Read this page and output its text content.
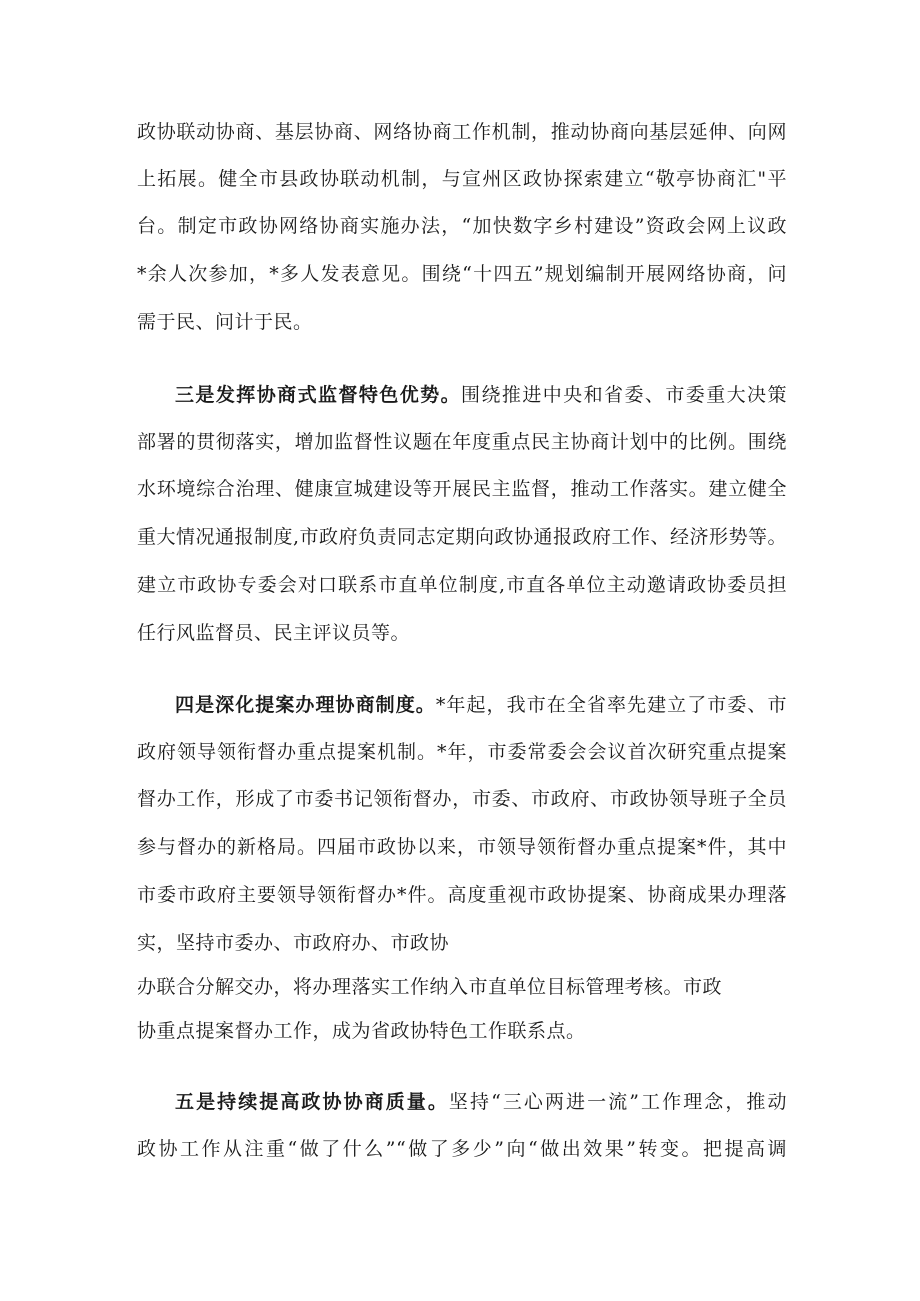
政协联动协商、基层协商、网络协商工作机制，推动协商向基层延伸、向网
上拓展。健全市县政协联动机制，与宣州区政协探索建立“敬亭协商汇"平
台。制定市政协网络协商实施办法，“加快数字乡村建设”资政会网上议政
*余人次参加，*多人发表意见。围绕“十四五”规划编制开展网络协商，问
需于民、问计于民。
三是发挥协商式监督特色优势。围绕推进中央和省委、市委重大决策
部署的贯彻落实，增加监督性议题在年度重点民主协商计划中的比例。围绕
水环境综合治理、健康宣城建设等开展民主监督，推动工作落实。建立健全
重大情况通报制度,市政府负责同志定期向政协通报政府工作、经济形势等。
建立市政协专委会对口联系市直单位制度,市直各单位主动邀请政协委员担
任行风监督员、民主评议员等。
四是深化提案办理协商制度。*年起，我市在全省率先建立了市委、市
政府领导领衔督办重点提案机制。*年，市委常委会会议首次研究重点提案
督办工作，形成了市委书记领衔督办，市委、市政府、市政协领导班子全员
参与督办的新格局。四届市政协以来，市领导领衔督办重点提案*件，其中
市委市政府主要领导领衔督办*件。高度重视市政协提案、协商成果办理落
实，坚持市委办、市政府办、市政协
办联合分解交办，将办理落实工作纳入市直单位目标管理考核。市政
协重点提案督办工作，成为省政协特色工作联系点。
五是持续提高政协协商质量。坚持“三心两进一流”工作理念，推动
政协工作从注重“做了什么”“做了多少”向“做出效果”转变。把提高调
